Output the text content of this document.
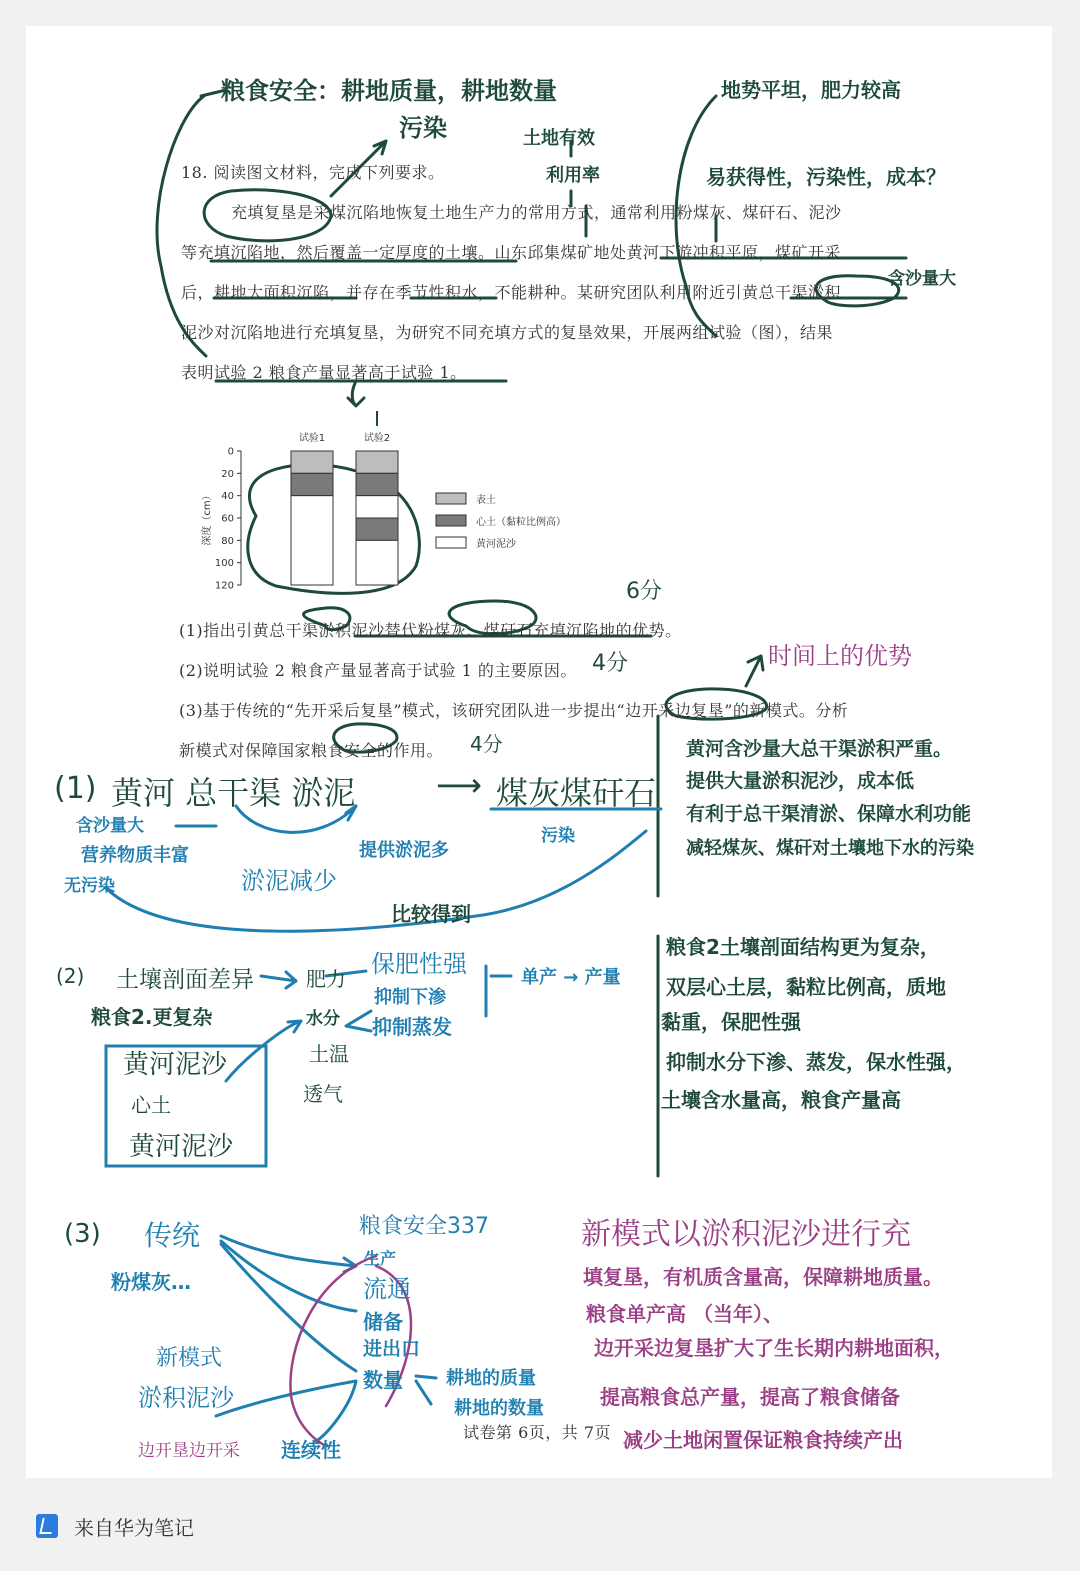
18. 阅读图文材料，完成下列要求。
充填复垦是采煤沉陷地恢复土地生产力的常用方式，通常利用粉煤灰、煤矸石、泥沙
等充填沉陷地，然后覆盖一定厚度的土壤。山东邱集煤矿地处黄河下游冲积平原，煤矿开采
后，耕地大面积沉陷，并存在季节性积水，不能耕种。某研究团队利用附近引黄总干渠淤积
泥沙对沉陷地进行充填复垦，为研究不同充填方式的复垦效果，开展两组试验（图），结果
表明试验 2 粮食产量显著高于试验 1。
0
20
40
60
80
100
120
深度（cm）
试验1	试验2
表土
心土（黏粒比例高）
黄河泥沙
(1)指出引黄总干渠淤积泥沙替代粉煤灰、煤矸石充填沉陷地的优势。
(2)说明试验 2 粮食产量显著高于试验 1 的主要原因。
(3)基于传统的“先开采后复垦”模式，该研究团队进一步提出“边开采边复垦”的新模式。分析
新模式对保障国家粮食安全的作用。
试卷第 6页，共 7页
粮食安全：耕地质量，耕地数量
污染	土地有效
利用率
地势平坦，肥力较高
易获得性，污染性，成本？
含沙量大
6分
4分
4分
时间上的优势
(1) 黄河 总干渠 淤泥	⟶ 煤灰煤矸石
含沙量大
营养物质丰富
无污染
提供淤泥多
淤泥减少
污染
比较得到
黄河含沙量大总干渠淤积严重。
提供大量淤积泥沙，成本低
有利于总干渠清淤、保障水利功能
减轻煤灰、煤矸对土壤地下水的污染
(2) 土壤剖面差异	肥力
保肥性强	单产 → 产量
粮食2.更复杂	水分
抑制下渗
抑制蒸发
土温
透气
黄河泥沙
心土
黄河泥沙
粮食2土壤剖面结构更为复杂，
双层心土层，黏粒比例高，质地
黏重，保肥性强
抑制水分下渗、蒸发，保水性强，
土壤含水量高，粮食产量高
(3) 传统
粉煤灰…
新模式
淤积泥沙
边开垦边开采 连续性
粮食安全337
生产
流通
储备
进出口
数量 耕地的质量
耕地的数量
新模式以淤积泥沙进行充
填复垦，有机质含量高，保障耕地质量。
粮食单产高 （当年）、
边开采边复垦扩大了生长期内耕地面积，
提高粮食总产量，提高了粮食储备
减少土地闲置保证粮食持续产出
来自华为笔记
